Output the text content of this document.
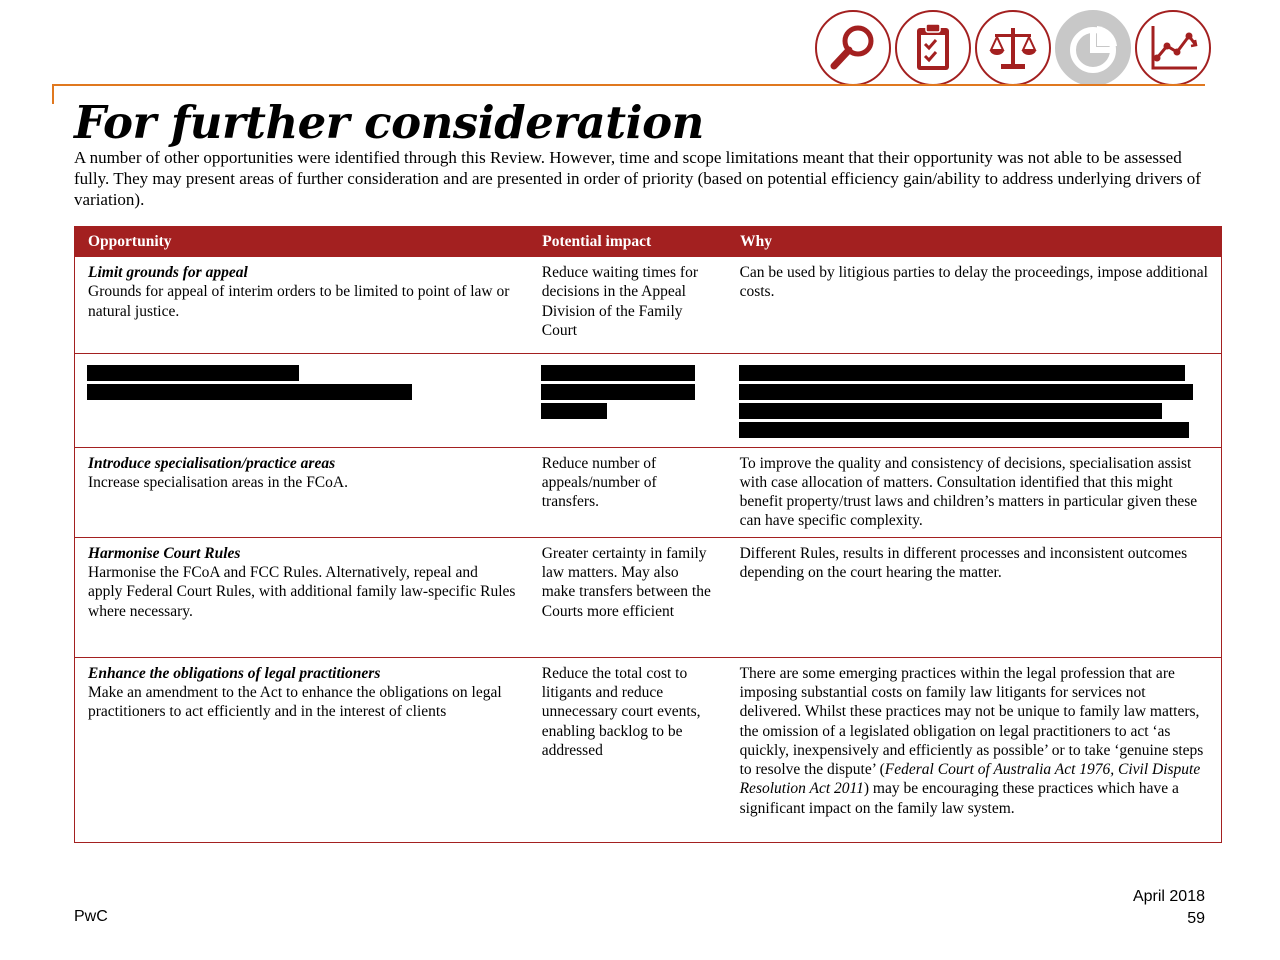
For further consideration

A number of other opportunities were identified through this Review. However, time and scope limitations meant that their opportunity was not able to be assessed fully. They may present areas of further consideration and are presented in order of priority (based on potential efficiency gain/ability to address underlying drivers of variation).

Opportunity	Potential impact	Why

Limit grounds for appeal
Grounds for appeal of interim orders to be limited to point of law or natural justice.	Reduce waiting times for decisions in the Appeal Division of the Family Court	Can be used by litigious parties to delay the proceedings, impose additional costs.

Introduce specialisation/practice areas
Increase specialisation areas in the FCoA.	Reduce number of appeals/number of transfers.	To improve the quality and consistency of decisions, specialisation assist with case allocation of matters. Consultation identified that this might benefit property/trust laws and children’s matters in particular given these can have specific complexity.

Harmonise Court Rules
Harmonise the FCoA and FCC Rules. Alternatively, repeal and apply Federal Court Rules, with additional family law-specific Rules where necessary.	Greater certainty in family law matters. May also make transfers between the Courts more efficient	Different Rules, results in different processes and inconsistent outcomes depending on the court hearing the matter.

Enhance the obligations of legal practitioners
Make an amendment to the Act to enhance the obligations on legal practitioners to act efficiently and in the interest of clients	Reduce the total cost to litigants and reduce unnecessary court events, enabling backlog to be addressed	There are some emerging practices within the legal profession that are imposing substantial costs on family law litigants for services not delivered. Whilst these practices may not be unique to family law matters, the omission of a legislated obligation on legal practitioners to act ‘as quickly, inexpensively and efficiently as possible’ or to take ‘genuine steps to resolve the dispute’ (Federal Court of Australia Act 1976, Civil Dispute Resolution Act 2011) may be encouraging these practices which have a significant impact on the family law system.
PwC
April 2018
59
